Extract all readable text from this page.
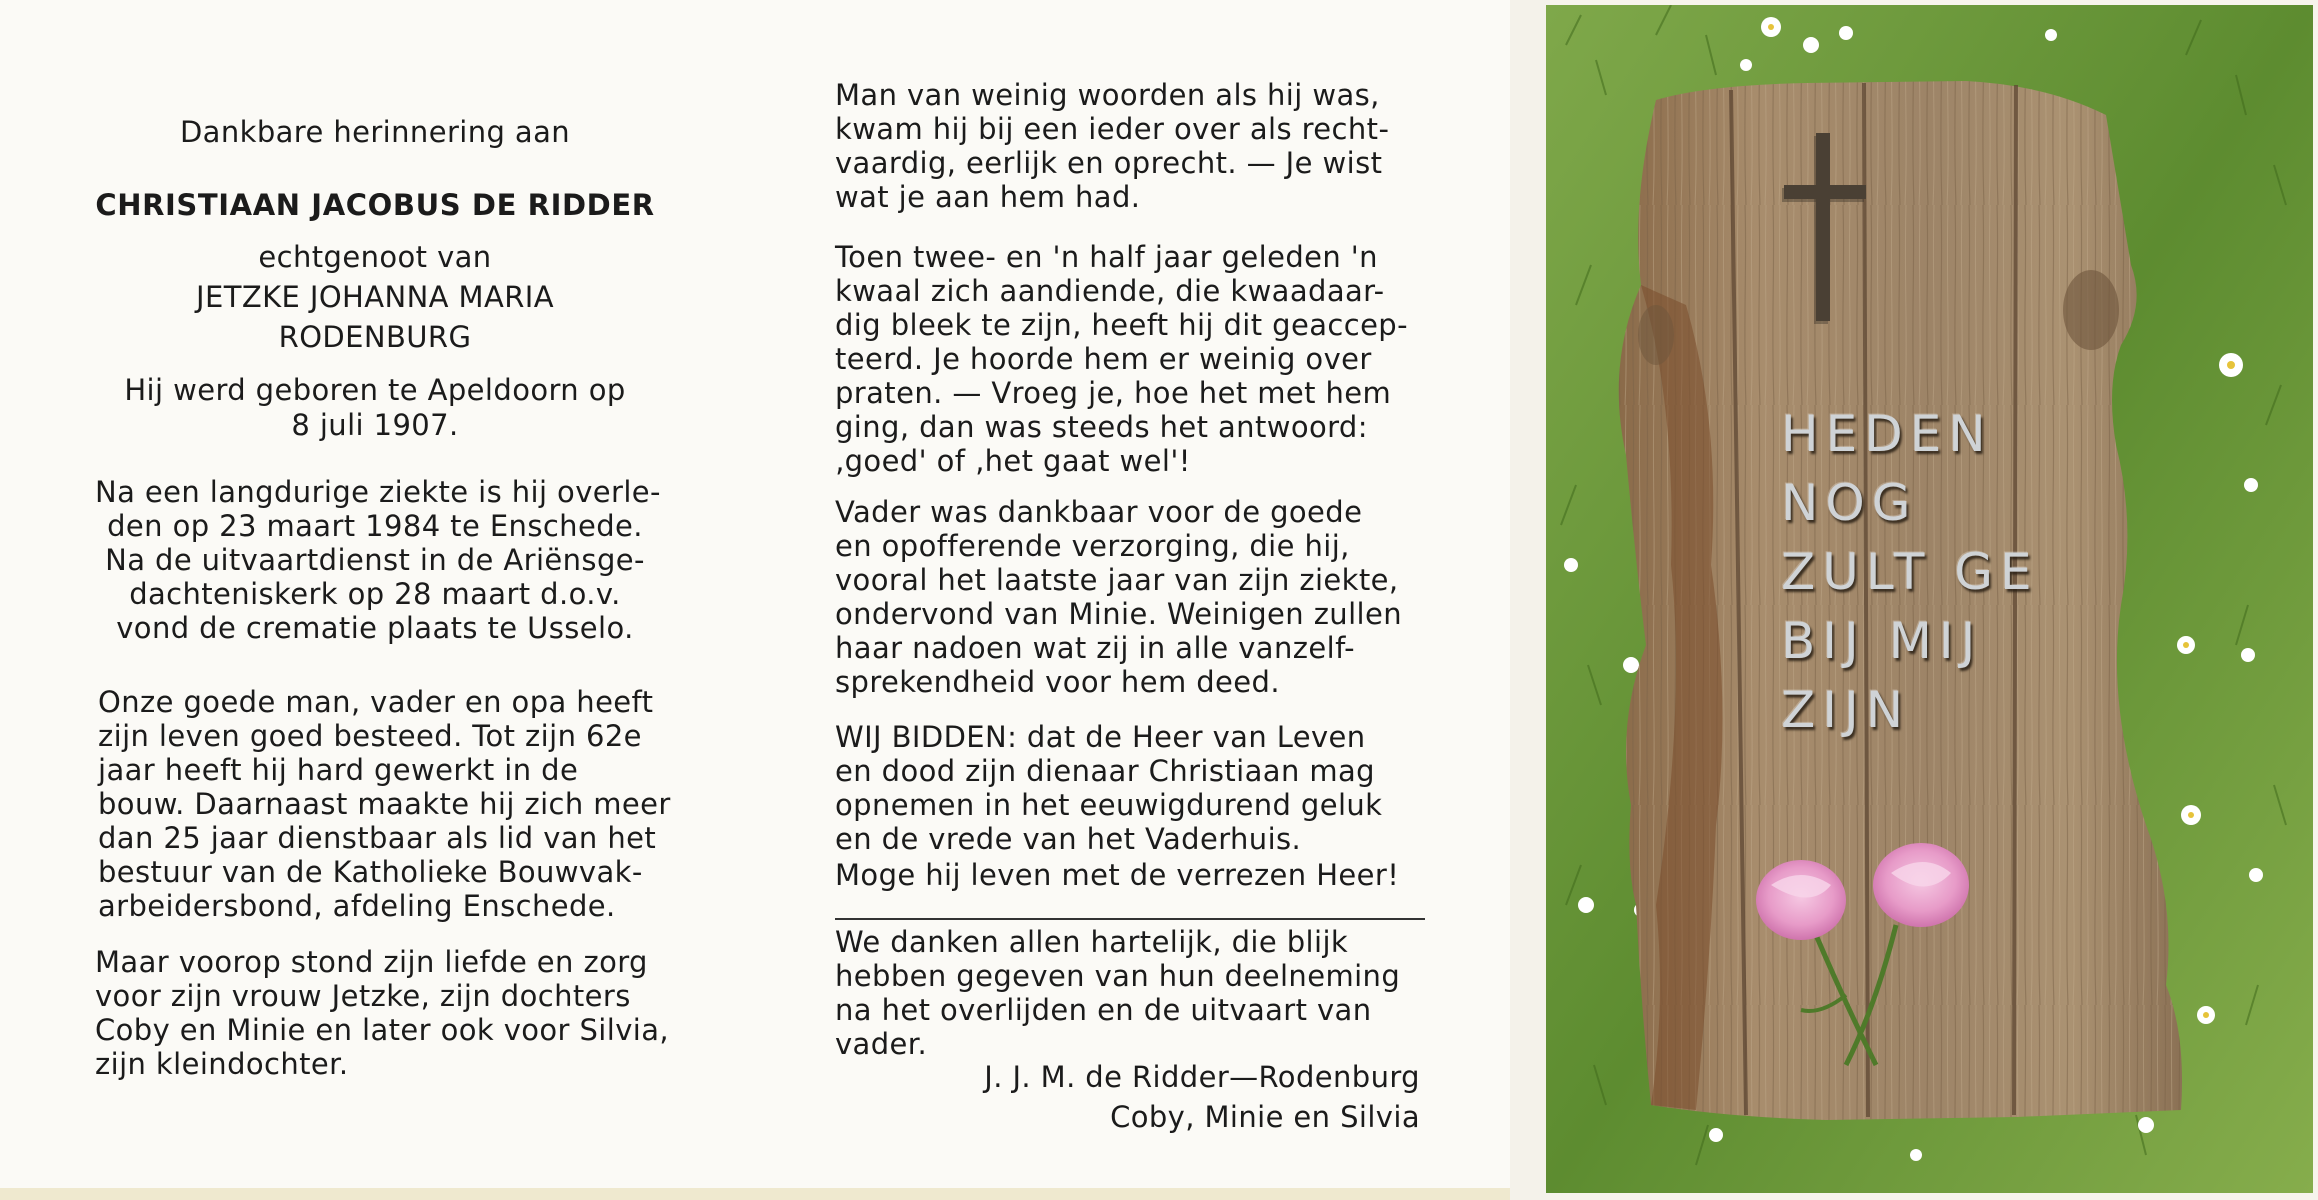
Dankbare herinnering aan
CHRISTIAAN JACOBUS DE RIDDER
echtgenoot van
JETZKE JOHANNA MARIA
RODENBURG
Hij werd geboren te Apeldoorn op
8 juli 1907.
Na een langdurige ziekte is hij overle-
den op 23 maart 1984 te Enschede.
Na de uitvaartdienst in de Ariënsge-
dachteniskerk op 28 maart d.o.v.
vond de crematie plaats te Usselo.
Onze goede man, vader en opa heeft
zijn leven goed besteed. Tot zijn 62e
jaar heeft hij hard gewerkt in de
bouw. Daarnaast maakte hij zich meer
dan 25 jaar dienstbaar als lid van het
bestuur van de Katholieke Bouwvak-
arbeidersbond, afdeling Enschede.
Maar voorop stond zijn liefde en zorg
voor zijn vrouw Jetzke, zijn dochters
Coby en Minie en later ook voor Silvia,
zijn kleindochter.
Man van weinig woorden als hij was,
kwam hij bij een ieder over als recht-
vaardig, eerlijk en oprecht. — Je wist
wat je aan hem had.
Toen twee- en 'n half jaar geleden 'n
kwaal zich aandiende, die kwaadaar-
dig bleek te zijn, heeft hij dit geaccep-
teerd. Je hoorde hem er weinig over
praten. — Vroeg je, hoe het met hem
ging, dan was steeds het antwoord:
‚goed' of ‚het gaat wel'!
Vader was dankbaar voor de goede
en opofferende verzorging, die hij,
vooral het laatste jaar van zijn ziekte,
ondervond van Minie. Weinigen zullen
haar nadoen wat zij in alle vanzelf-
sprekendheid voor hem deed.
WIJ BIDDEN: dat de Heer van Leven
en dood zijn dienaar Christiaan mag
opnemen in het eeuwigdurend geluk
en de vrede van het Vaderhuis.
Moge hij leven met de verrezen Heer!
We danken allen hartelijk, die blijk
hebben gegeven van hun deelneming
na het overlijden en de uitvaart van
vader.
J. J. M. de Ridder—Rodenburg
Coby, Minie en Silvia
HEDEN
NOG
ZULT GE
BIJ MIJ
ZIJN
